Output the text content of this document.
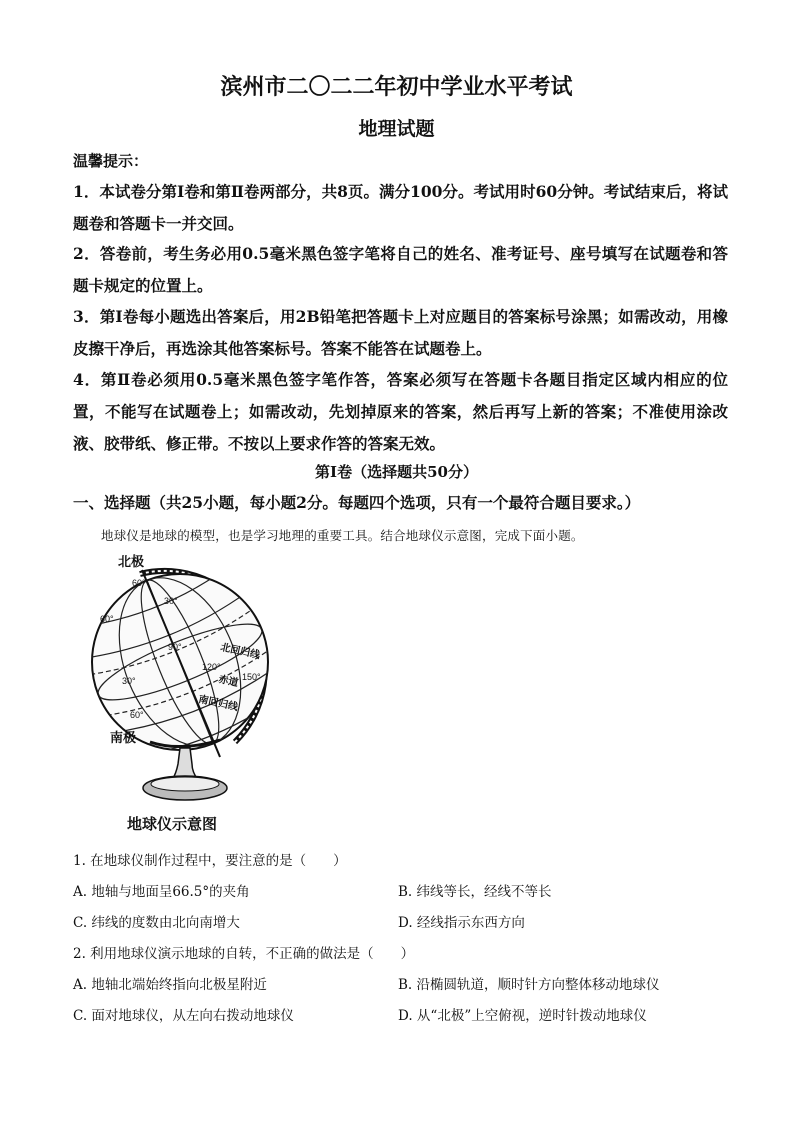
滨州市二〇二二年初中学业水平考试
地理试题
温馨提示：

1．本试卷分第Ⅰ卷和第Ⅱ卷两部分，共8页。满分100分。考试用时60分钟。考试结束后，将试题卷和答题卡一并交回。

2．答卷前，考生务必用0.5毫米黑色签字笔将自己的姓名、准考证号、座号填写在试题卷和答题卡规定的位置上。

3．第Ⅰ卷每小题选出答案后，用2B铅笔把答题卡上对应题目的答案标号涂黑；如需改动，用橡皮擦干净后，再选涂其他答案标号。答案不能答在试题卷上。

4．第Ⅱ卷必须用0.5毫米黑色签字笔作答，答案必须写在答题卡各题目指定区域内相应的位置，不能写在试题卷上；如需改动，先划掉原来的答案，然后再写上新的答案；不准使用涂改液、胶带纸、修正带。不按以上要求作答的答案无效。

第Ⅰ卷（选择题共50分）
一、选择题（共25小题，每小题2分。每题四个选项，只有一个最符合题目要求。）
地球仪是地球的模型，也是学习地理的重要工具。结合地球仪示意图，完成下面小题。
北极
南极
60°
30°
60°
90°
120°
150°
30°
60°
北回归线
赤道
南回归线
地球仪示意图
1. 在地球仪制作过程中，要注意的是（　　）
A. 地轴与地面呈66.5°的夹角	B. 纬线等长，经线不等长
C. 纬线的度数由北向南增大	D. 经线指示东西方向
2. 利用地球仪演示地球的自转，不正确的做法是（　　）
A. 地轴北端始终指向北极星附近	B. 沿椭圆轨道，顺时针方向整体移动地球仪
C. 面对地球仪，从左向右拨动地球仪	D. 从“北极”上空俯视，逆时针拨动地球仪
